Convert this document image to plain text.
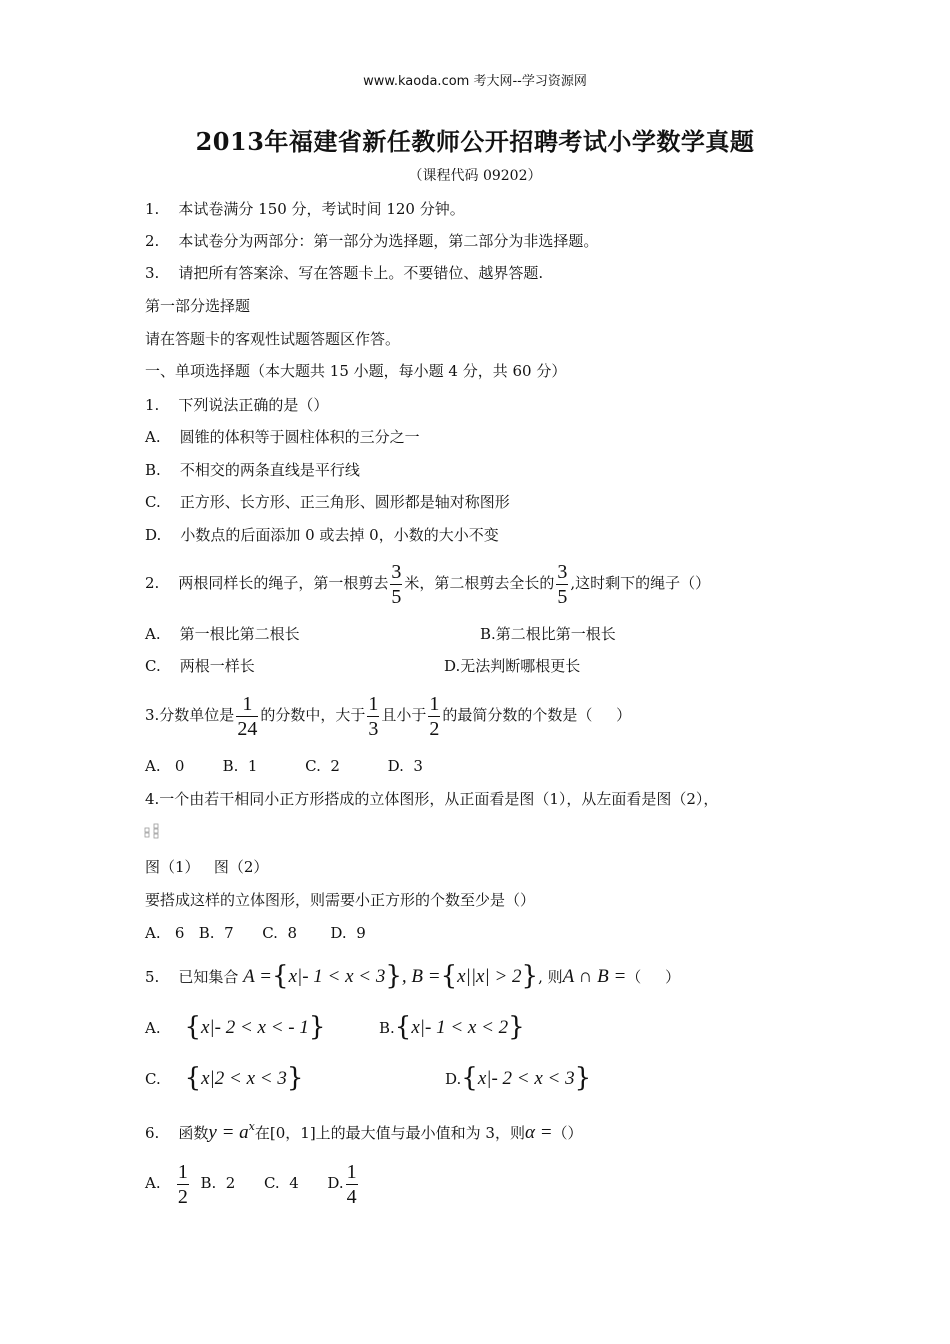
www.kaoda.com 考大网--学习资源网
2013年福建省新任教师公开招聘考试小学数学真题
（课程代码 09202）
1.    本试卷满分 150 分，考试时间 120 分钟。
2.    本试卷分为两部分：第一部分为选择题，第二部分为非选择题。
3.    请把所有答案涂、写在答题卡上。不要错位、越界答题.
第一部分选择题
请在答题卡的客观性试题答题区作答。
一、单项选择题（本大题共 15 小题，每小题 4 分，共 60 分）
1.    下列说法正确的是（）
A.    圆锥的体积等于圆柱体积的三分之一
B.    不相交的两条直线是平行线
C.    正方形、长方形、正三角形、圆形都是轴对称图形
D.    小数点的后面添加 0 或去掉 0，小数的大小不变
2.    两根同样长的绳子，第一根剪去 $\frac{3}{5}$ 米，第二根剪去全长的 $\frac{3}{5}$ ,这时剩下的绳子（）
A.    第一根比第二根长	B.第二根比第一根长
C.    两根一样长	D.无法判断哪根更长
3.分数单位是 $\frac{1}{24}$ 的分数中，大于 $\frac{1}{3}$ 且小于 $\frac{1}{2}$ 的最简分数的个数是（     ）
A.   0        B.  1          C.  2          D.  3
4.一个由若干相同小正方形搭成的立体图形，从正面看是图（1），从左面看是图（2），
图（1）   图（2）
要搭成这样的立体图形，则需要小正方形的个数至少是（）
A.   6   B.  7      C.  8       D.  9
5.    已知集合 A ={x|- 1 < x < 3}, B ={x||x| > 2}, 则A ∩ B =（     ）
A. {x|- 2 < x < - 1}	B.{x|- 1 < x < 2}
C. {x|2 < x < 3}	D.{x|- 2 < x < 3}
6.    函数$y = a^x$在[0，1]上的最大值与最小值和为 3，则α =（）
A. $\frac{1}{2} B$.  2      C.  4      D. $\frac{1}{4}$
